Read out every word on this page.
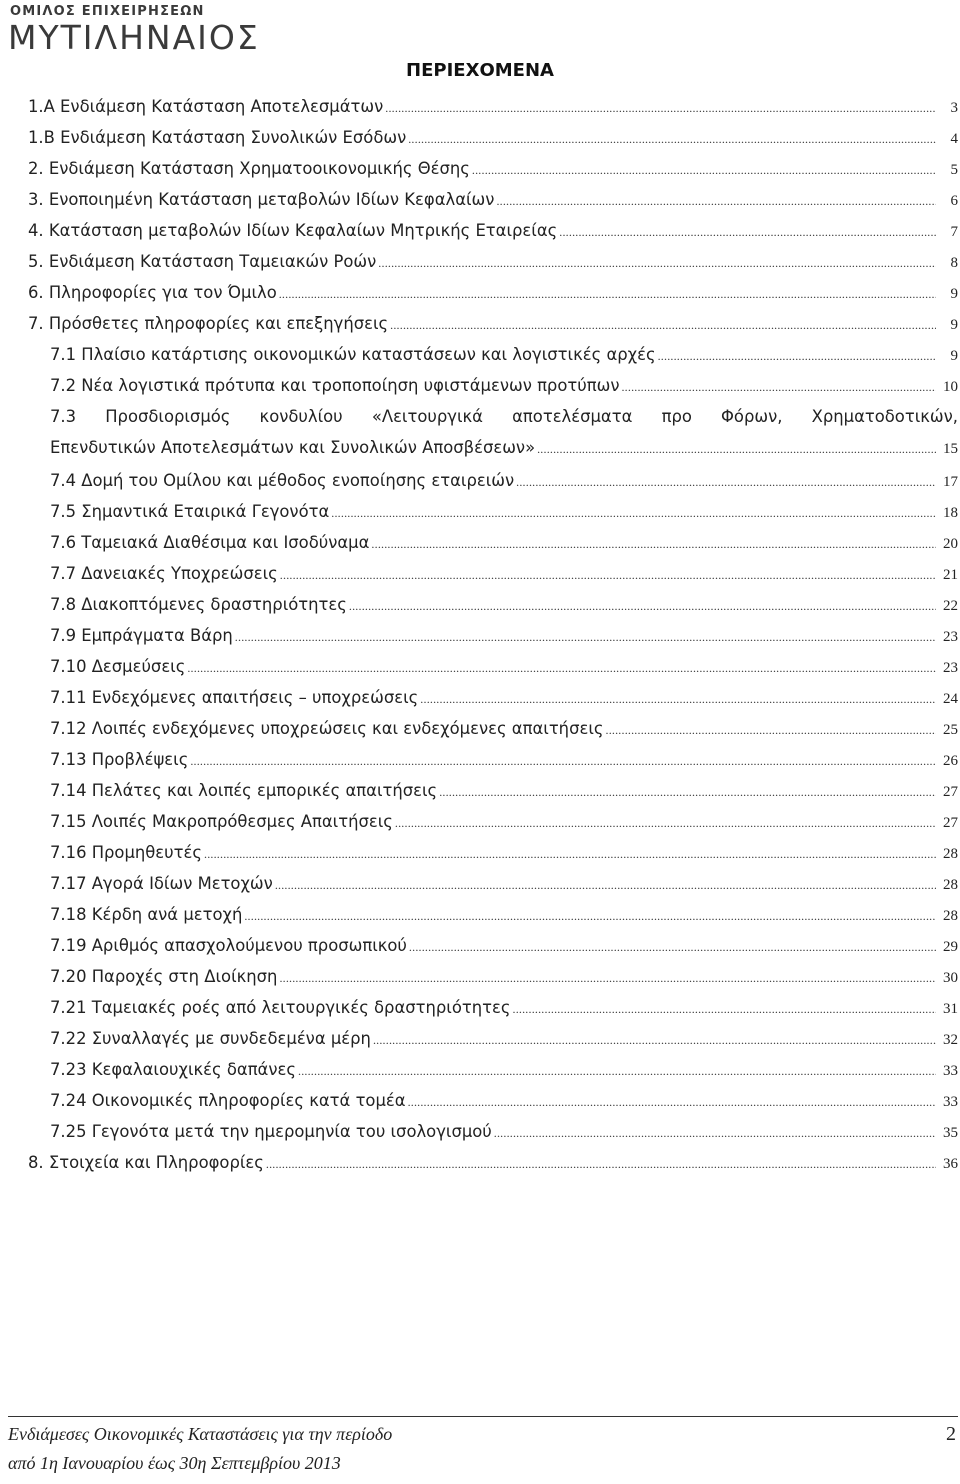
ΟΜΙΛΟΣ ΕΠΙΧΕΙΡΗΣΕΩΝ
ΜΥΤΙΛΗΝΑΙΟΣ
ΠΕΡΙΕΧΟΜΕΝΑ
1.Α Ενδιάμεση Κατάσταση Αποτελεσμάτων .....	3
1.Β Ενδιάμεση Κατάσταση Συνολικών Εσόδων .....	4
2. Ενδιάμεση Κατάσταση Χρηματοοικονομικής Θέσης .....	5
3. Ενοποιημένη Κατάσταση μεταβολών Ιδίων Κεφαλαίων .....	6
4. Κατάσταση μεταβολών Ιδίων Κεφαλαίων Μητρικής Εταιρείας .....	7
5. Ενδιάμεση Κατάσταση Ταμειακών Ροών .....	8
6. Πληροφορίες για τον Όμιλο .....	9
7. Πρόσθετες πληροφορίες και επεξηγήσεις .....	9
7.1 Πλαίσιο κατάρτισης οικονομικών καταστάσεων και λογιστικές αρχές .....	9
7.2 Νέα λογιστικά πρότυπα και τροποποίηση υφιστάμενων προτύπων .....	10
7.3 Προσδιορισμός κονδυλίου «Λειτουργικά αποτελέσματα προ Φόρων, Χρηματοδοτικών,
Επενδυτικών Αποτελεσμάτων και Συνολικών Αποσβέσεων» .....	15
7.4 Δομή του Ομίλου και μέθοδος ενοποίησης εταιρειών .....	17
7.5 Σημαντικά Εταιρικά Γεγονότα .....	18
7.6 Ταμειακά Διαθέσιμα και Ισοδύναμα .....	20
7.7 Δανειακές Υποχρεώσεις .....	21
7.8 Διακοπτόμενες δραστηριότητες .....	22
7.9 Εμπράγματα Βάρη .....	23
7.10 Δεσμεύσεις .....	23
7.11 Ενδεχόμενες απαιτήσεις – υποχρεώσεις .....	24
7.12 Λοιπές ενδεχόμενες υποχρεώσεις και ενδεχόμενες απαιτήσεις .....	25
7.13 Προβλέψεις .....	26
7.14 Πελάτες και λοιπές εμπορικές απαιτήσεις .....	27
7.15 Λοιπές Μακροπρόθεσμες Απαιτήσεις .....	27
7.16 Προμηθευτές .....	28
7.17 Αγορά Ιδίων Μετοχών .....	28
7.18 Κέρδη ανά μετοχή .....	28
7.19 Αριθμός απασχολούμενου προσωπικού .....	29
7.20 Παροχές στη Διοίκηση .....	30
7.21 Ταμειακές ροές από λειτουργικές δραστηριότητες .....	31
7.22 Συναλλαγές με συνδεδεμένα μέρη .....	32
7.23 Κεφαλαιουχικές δαπάνες .....	33
7.24 Οικονομικές πληροφορίες κατά τομέα .....	33
7.25 Γεγονότα μετά την ημερομηνία του ισολογισμού .....	35
8. Στοιχεία και Πληροφορίες .....	36
Ενδιάμεσες Οικονομικές Καταστάσεις για την περίοδο
από 1η Ιανουαρίου έως 30η Σεπτεμβρίου 2013
2
